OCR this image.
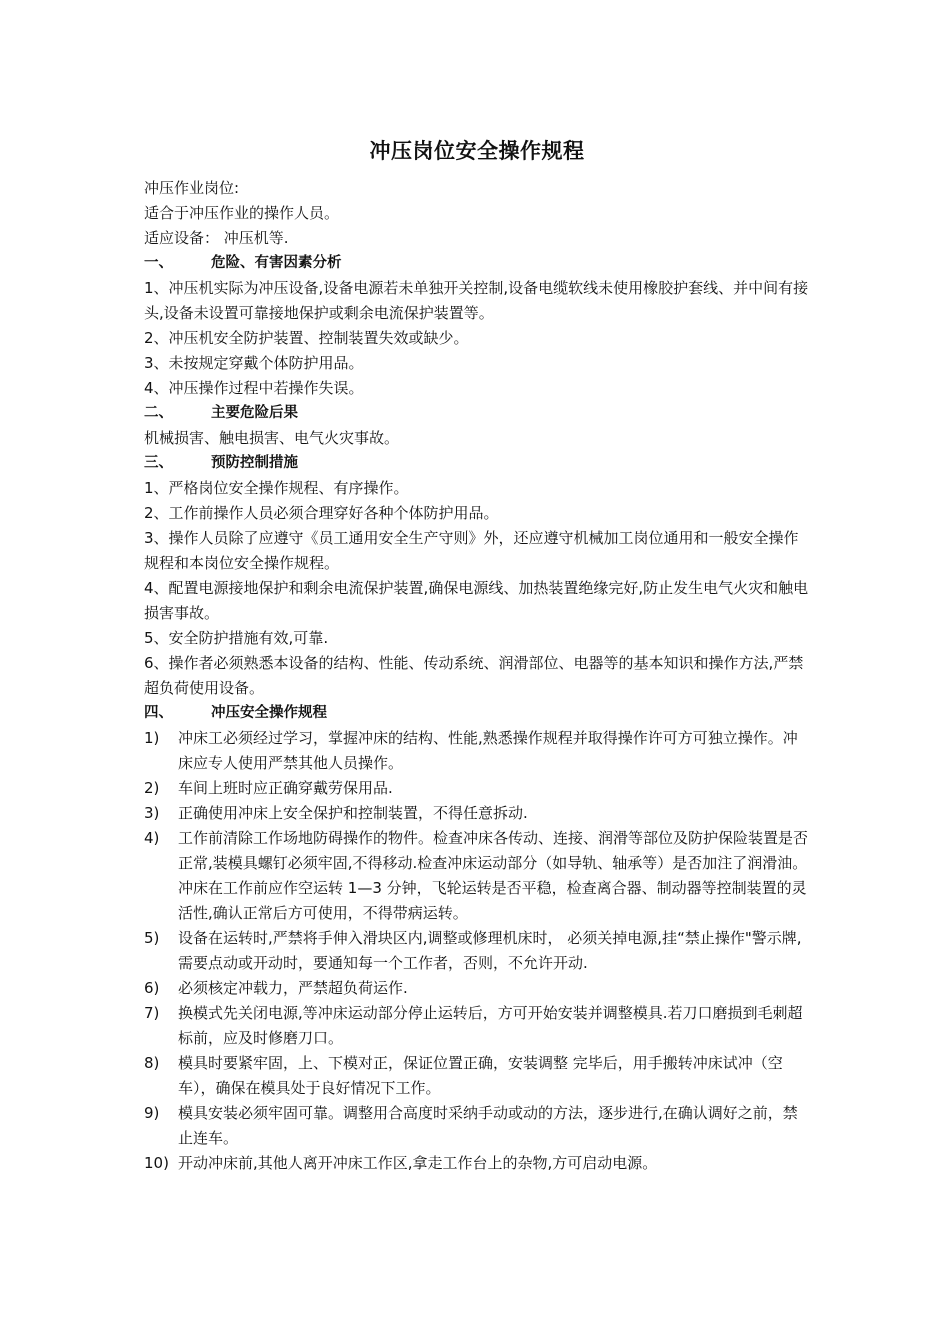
冲压岗位安全操作规程
冲压作业岗位:
适合于冲压作业的操作人员。
适应设备： 冲压机等.
一、	危险、有害因素分析
1、冲压机实际为冲压设备,设备电源若未单独开关控制,设备电缆软线未使用橡胶护套线、并中间有接头,设备未设置可靠接地保护或剩余电流保护装置等。
2、冲压机安全防护装置、控制装置失效或缺少。
3、未按规定穿戴个体防护用品。
4、冲压操作过程中若操作失误。
二、	主要危险后果
机械损害、触电损害、电气火灾事故。
三、	预防控制措施
1、严格岗位安全操作规程、有序操作。
2、工作前操作人员必须合理穿好各种个体防护用品。
3、操作人员除了应遵守《员工通用安全生产守则》外，还应遵守机械加工岗位通用和一般安全操作规程和本岗位安全操作规程。
4、配置电源接地保护和剩余电流保护装置,确保电源线、加热装置绝缘完好,防止发生电气火灾和触电损害事故。
5、安全防护措施有效,可靠.
6、操作者必须熟悉本设备的结构、性能、传动系统、润滑部位、电器等的基本知识和操作方法,严禁超负荷使用设备。
四、	冲压安全操作规程
1)	冲床工必须经过学习，掌握冲床的结构、性能,熟悉操作规程并取得操作许可方可独立操作。冲床应专人使用严禁其他人员操作。
2)	车间上班时应正确穿戴劳保用品.
3)	正确使用冲床上安全保护和控制装置，不得任意拆动.
4)	工作前清除工作场地防碍操作的物件。检查冲床各传动、连接、润滑等部位及防护保险装置是否正常,装模具螺钉必须牢固,不得移动.检查冲床运动部分（如导轨、轴承等）是否加注了润滑油。冲床在工作前应作空运转 1—3 分钟，飞轮运转是否平稳，检查离合器、制动器等控制装置的灵活性,确认正常后方可使用，不得带病运转。
5)	设备在运转时,严禁将手伸入滑块区内,调整或修理机床时， 必须关掉电源,挂“禁止操作"警示牌,需要点动或开动时，要通知每一个工作者，否则，不允许开动.
6)	必须核定冲载力，严禁超负荷运作.
7)	换模式先关闭电源,等冲床运动部分停止运转后，方可开始安装并调整模具.若刀口磨损到毛刺超标前，应及时修磨刀口。
8)	模具时要紧牢固，上、下模对正，保证位置正确，安装调整 完毕后，用手搬转冲床试冲（空车），确保在模具处于良好情况下工作。
9)	模具安装必须牢固可靠。调整用合高度时采纳手动或动的方法，逐步进行,在确认调好之前，禁止连车。
10) 开动冲床前,其他人离开冲床工作区,拿走工作台上的杂物,方可启动电源。
